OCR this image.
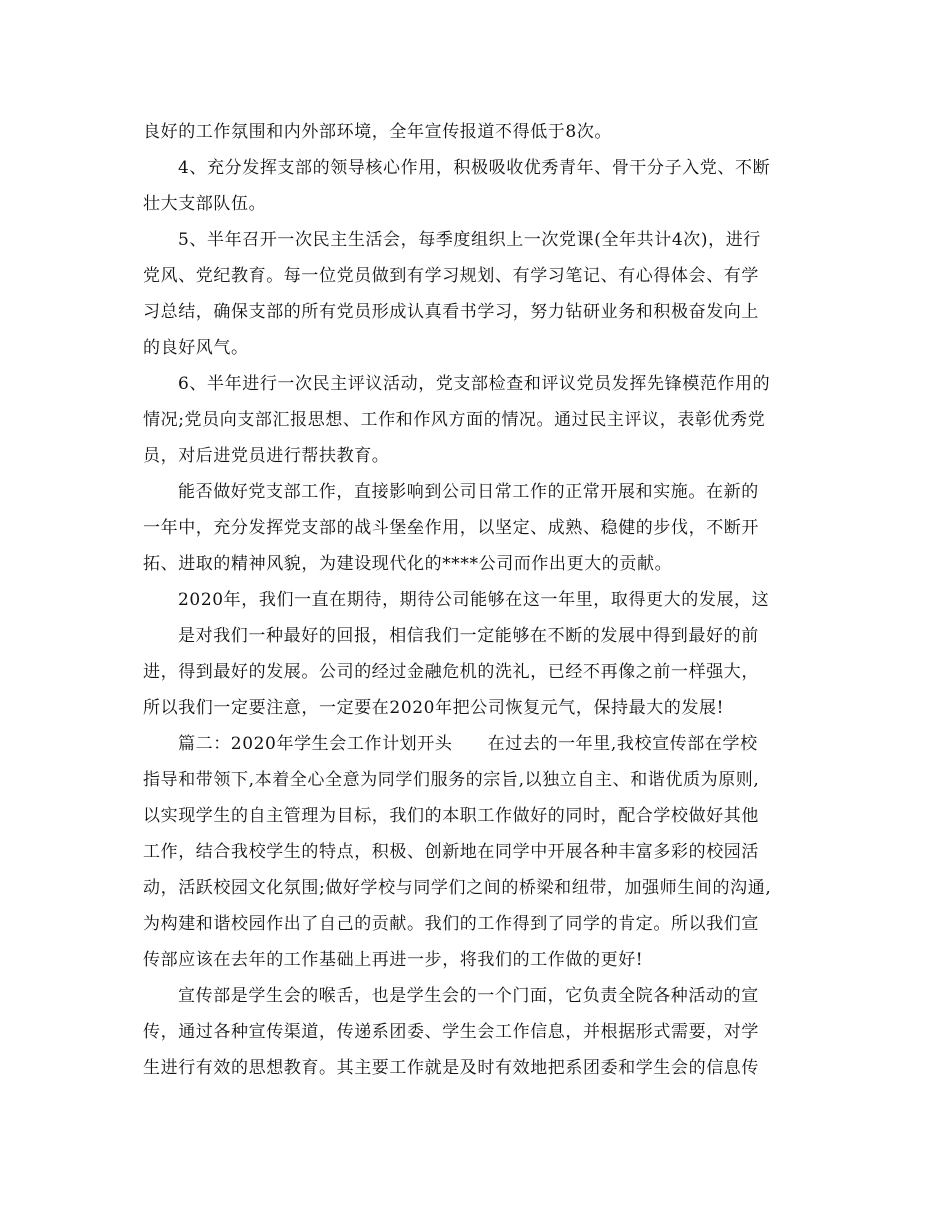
良好的工作氛围和内外部环境，全年宣传报道不得低于8次。
4、充分发挥支部的领导核心作用，积极吸收优秀青年、骨干分子入党、不断
壮大支部队伍。
5、半年召开一次民主生活会，每季度组织上一次党课(全年共计4次)，进行
党风、党纪教育。每一位党员做到有学习规划、有学习笔记、有心得体会、有学
习总结，确保支部的所有党员形成认真看书学习，努力钻研业务和积极奋发向上
的良好风气。
6、半年进行一次民主评议活动，党支部检查和评议党员发挥先锋模范作用的
情况;党员向支部汇报思想、工作和作风方面的情况。通过民主评议，表彰优秀党
员，对后进党员进行帮扶教育。
能否做好党支部工作，直接影响到公司日常工作的正常开展和实施。在新的
一年中，充分发挥党支部的战斗堡垒作用，以坚定、成熟、稳健的步伐，不断开
拓、进取的精神风貌，为建设现代化的****公司而作出更大的贡献。
2020年，我们一直在期待，期待公司能够在这一年里，取得更大的发展，这
是对我们一种最好的回报，相信我们一定能够在不断的发展中得到最好的前
进，得到最好的发展。公司的经过金融危机的洗礼，已经不再像之前一样强大，
所以我们一定要注意，一定要在2020年把公司恢复元气，保持最大的发展!
篇二：2020年学生会工作计划开头　　在过去的一年里,我校宣传部在学校
指导和带领下,本着全心全意为同学们服务的宗旨,以独立自主、和谐优质为原则,
以实现学生的自主管理为目标，我们的本职工作做好的同时，配合学校做好其他
工作，结合我校学生的特点，积极、创新地在同学中开展各种丰富多彩的校园活
动，活跃校园文化氛围;做好学校与同学们之间的桥梁和纽带，加强师生间的沟通,
为构建和谐校园作出了自己的贡献。我们的工作得到了同学的肯定。所以我们宣
传部应该在去年的工作基础上再进一步，将我们的工作做的更好!
宣传部是学生会的喉舌，也是学生会的一个门面，它负责全院各种活动的宣
传，通过各种宣传渠道，传递系团委、学生会工作信息，并根据形式需要，对学
生进行有效的思想教育。其主要工作就是及时有效地把系团委和学生会的信息传
